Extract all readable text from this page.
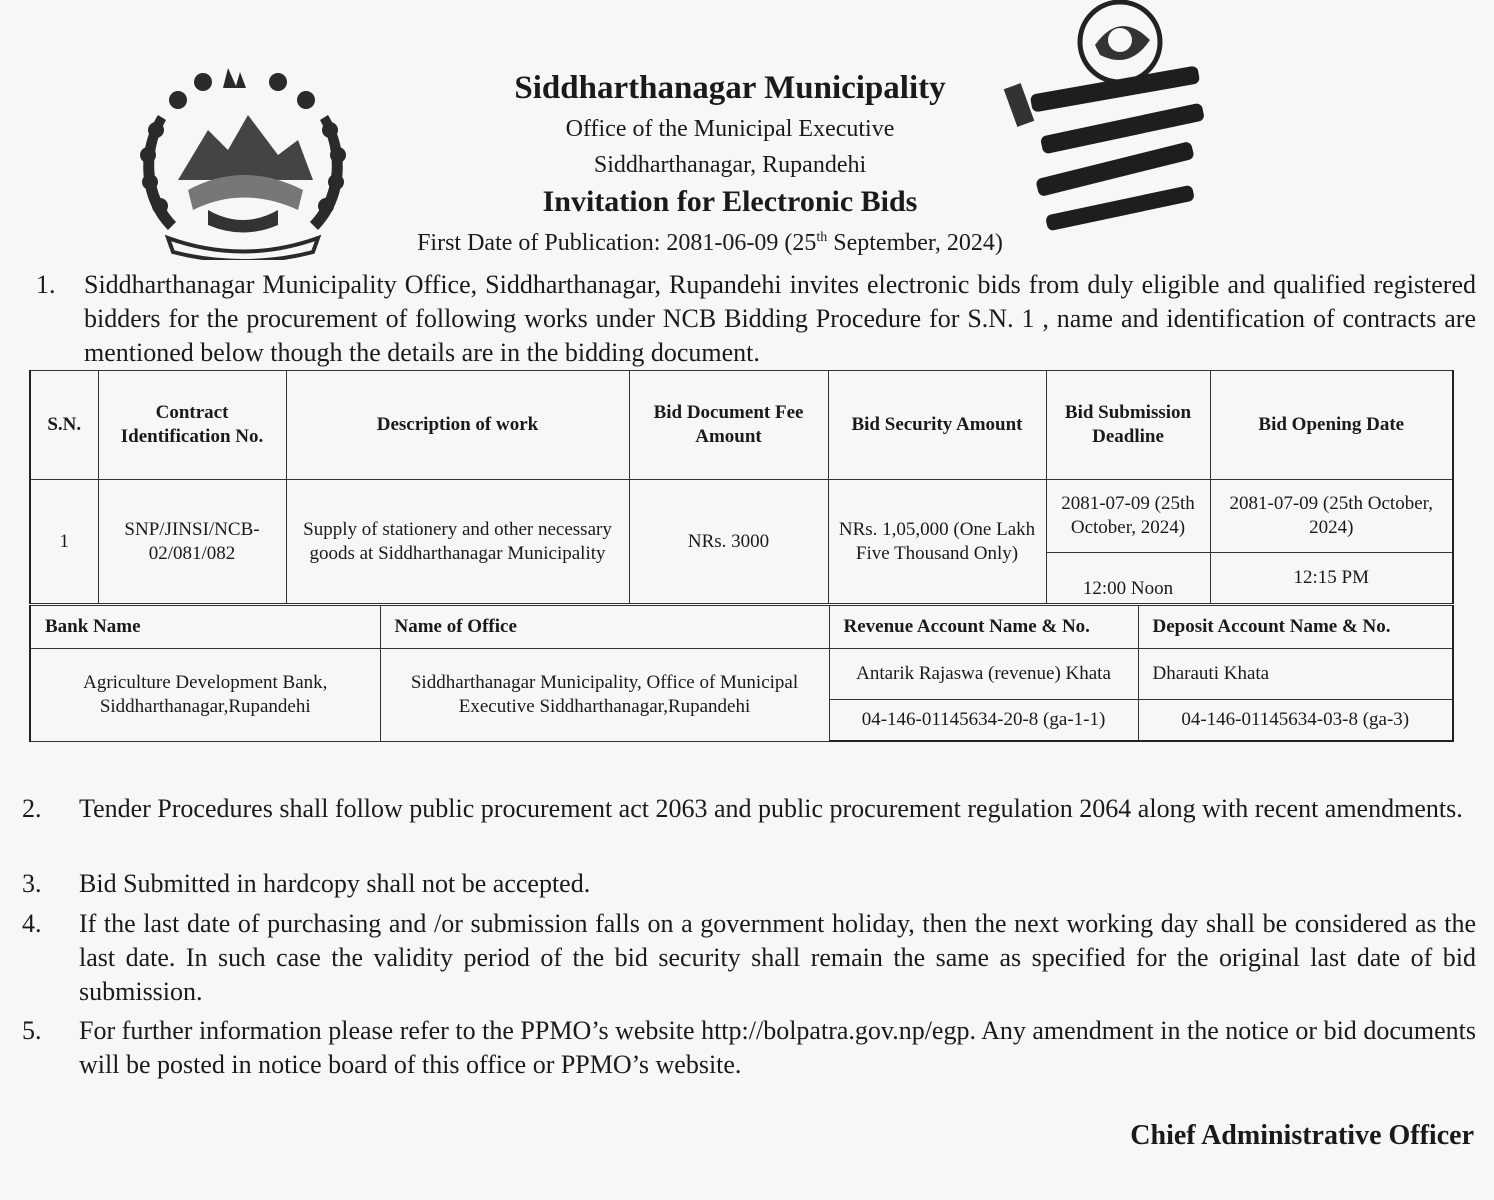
Siddharthanagar Municipality
Office of the Municipal Executive
Siddharthanagar, Rupandehi
Invitation for Electronic Bids
First Date of Publication: 2081-06-09 (25th September, 2024)
1. Siddharthanagar Municipality Office, Siddharthanagar, Rupandehi invites electronic bids from duly eligible and qualified registered bidders for the procurement of following works under NCB Bidding Procedure for S.N. 1 , name and identification of contracts are mentioned below though the details are in the bidding document.
S.N.	Contract Identification No.	Description of work	Bid Document Fee Amount	Bid Security Amount	Bid Submission Deadline	Bid Opening Date
1	SNP/JINSI/NCB-02/081/082	Supply of stationery and other necessary goods at Siddharthanagar Municipality	NRs. 3000	NRs. 1,05,000 (One Lakh Five Thousand Only)	2081-07-09 (25th October, 2024)	2081-07-09 (25th October, 2024)
					12:00 Noon	12:15 PM
Bank Name	Name of Office	Revenue Account Name & No.	Deposit Account Name & No.
Agriculture Development Bank, Siddharthanagar,Rupandehi	Siddharthanagar Municipality, Office of Municipal Executive Siddharthanagar,Rupandehi	Antarik Rajaswa (revenue) Khata	Dharauti Khata
		04-146-01145634-20-8 (ga-1-1)	04-146-01145634-03-8 (ga-3)
2. Tender Procedures shall follow public procurement act 2063 and public procurement regulation 2064 along with recent amendments.
3. Bid Submitted in hardcopy shall not be accepted.
4. If the last date of purchasing and /or submission falls on a government holiday, then the next working day shall be considered as the last date. In such case the validity period of the bid security shall remain the same as specified for the original last date of bid submission.
5. For further information please refer to the PPMO’s website http://bolpatra.gov.np/egp. Any amendment in the notice or bid documents will be posted in notice board of this office or PPMO’s website.
Chief Administrative Officer
